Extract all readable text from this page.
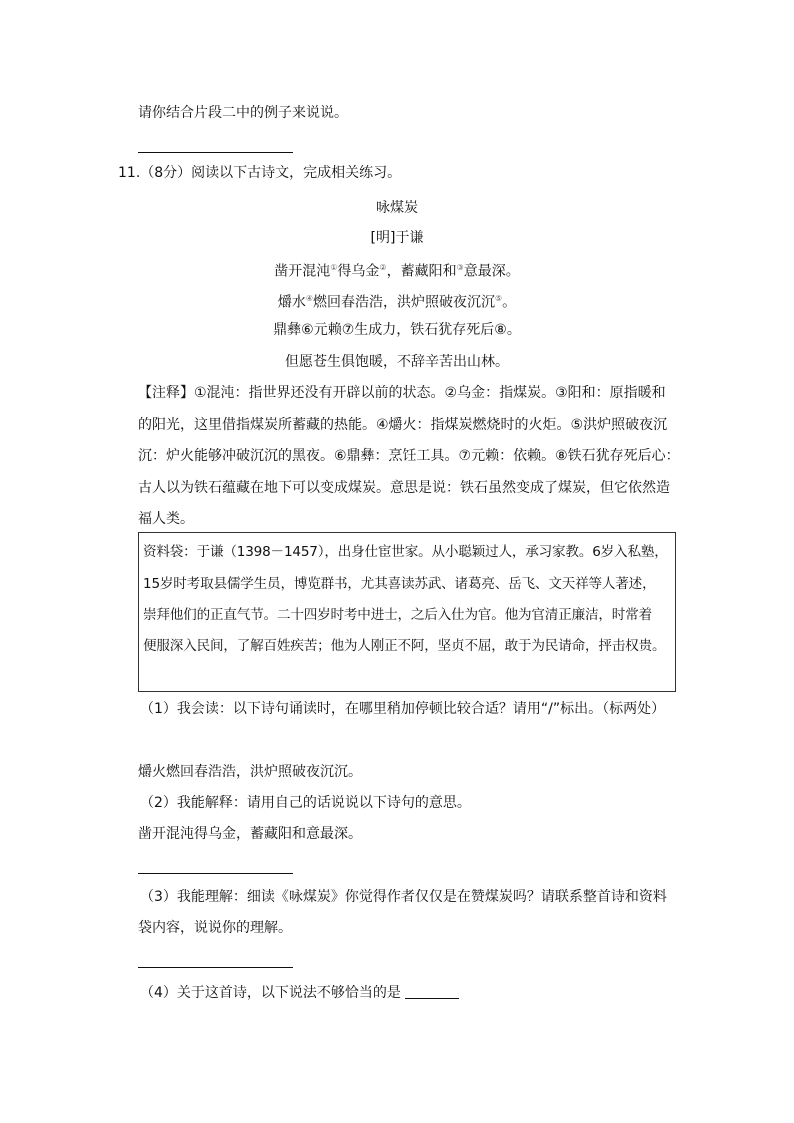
请你结合片段二中的例子来说说。
11.（8分）阅读以下古诗文，完成相关练习。
咏煤炭
[明]于谦
凿开混沌①得乌金②，蓄藏阳和③意最深。
爝水④燃回春浩浩，洪炉照破夜沉沉⑤。
鼎彝⑥元赖⑦生成力，铁石犹存死后⑧。
但愿苍生俱饱暖，不辞辛苦出山林。
【注释】①混沌：指世界还没有开辟以前的状态。②乌金：指煤炭。③阳和：原指暖和
的阳光，这里借指煤炭所蓄藏的热能。④爝火：指煤炭燃烧时的火炬。⑤洪炉照破夜沉
沉：炉火能够冲破沉沉的黑夜。⑥鼎彝：烹饪工具。⑦元赖：依赖。⑧铁石犹存死后心：
古人以为铁石蕴藏在地下可以变成煤炭。意思是说：铁石虽然变成了煤炭，但它依然造
福人类。
资料袋：于谦（1398－1457），出身仕宦世家。从小聪颖过人，承习家教。6岁入私塾，
15岁时考取县儒学生员，博览群书，尤其喜读苏武、诸葛亮、岳飞、文天祥等人著述，
崇拜他们的正直气节。二十四岁时考中进士，之后入仕为官。他为官清正廉洁，时常着
便服深入民间，了解百姓疾苦；他为人刚正不阿，坚贞不屈，敢于为民请命，抨击权贵。
（1）我会读：以下诗句诵读时，在哪里稍加停顿比较合适？请用“/”标出。（标两处）
爝火燃回春浩浩，洪炉照破夜沉沉。
（2）我能解释：请用自己的话说说以下诗句的意思。
凿开混沌得乌金，蓄藏阳和意最深。
（3）我能理解：细读《咏煤炭》你觉得作者仅仅是在赞煤炭吗？请联系整首诗和资料
袋内容，说说你的理解。
（4）关于这首诗，以下说法不够恰当的是
